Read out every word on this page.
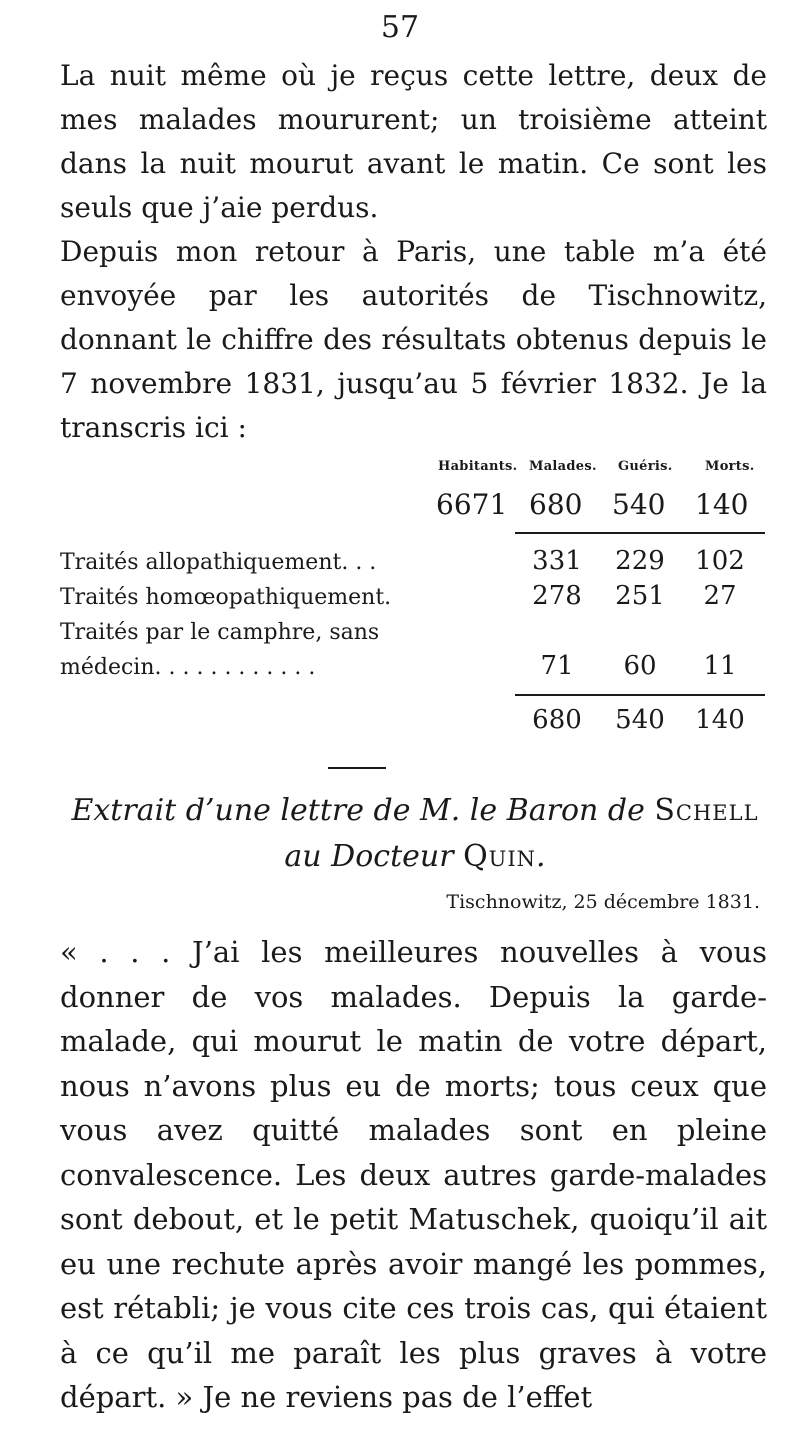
57
La nuit même où je reçus cette lettre, deux de mes malades moururent; un troisième atteint dans la nuit mourut avant le matin. Ce sont les seuls que j’aie perdus.
Depuis mon retour à Paris, une table m’a été envoyée par les autorités de Tischnowitz, donnant le chiffre des résultats obtenus depuis le 7 novembre 1831, jusqu’au 5 février 1832. Je la transcris ici :
Habitants. Malades. Guéris. Morts.
6671 680 540 140
Traités allopathiquement. . .	331	229	102
Traités homœopathiquement.	278	251	27
Traités par le camphre, sans
médecin. . . . . . . . . . . .	71	60	11
680	540	140
Extrait d’une lettre de M. le Baron de Schell au Docteur Quin.
Tischnowitz, 25 décembre 1831.
« . . . J’ai les meilleures nouvelles à vous donner de vos malades. Depuis la garde-malade, qui mourut le matin de votre départ, nous n’avons plus eu de morts; tous ceux que vous avez quitté malades sont en pleine convalescence. Les deux autres garde-malades sont debout, et le petit Matuschek, quoiqu’il ait eu une rechute après avoir mangé les pommes, est rétabli; je vous cite ces trois cas, qui étaient à ce qu’il me paraît les plus graves à votre départ. » Je ne reviens pas de l’effet
